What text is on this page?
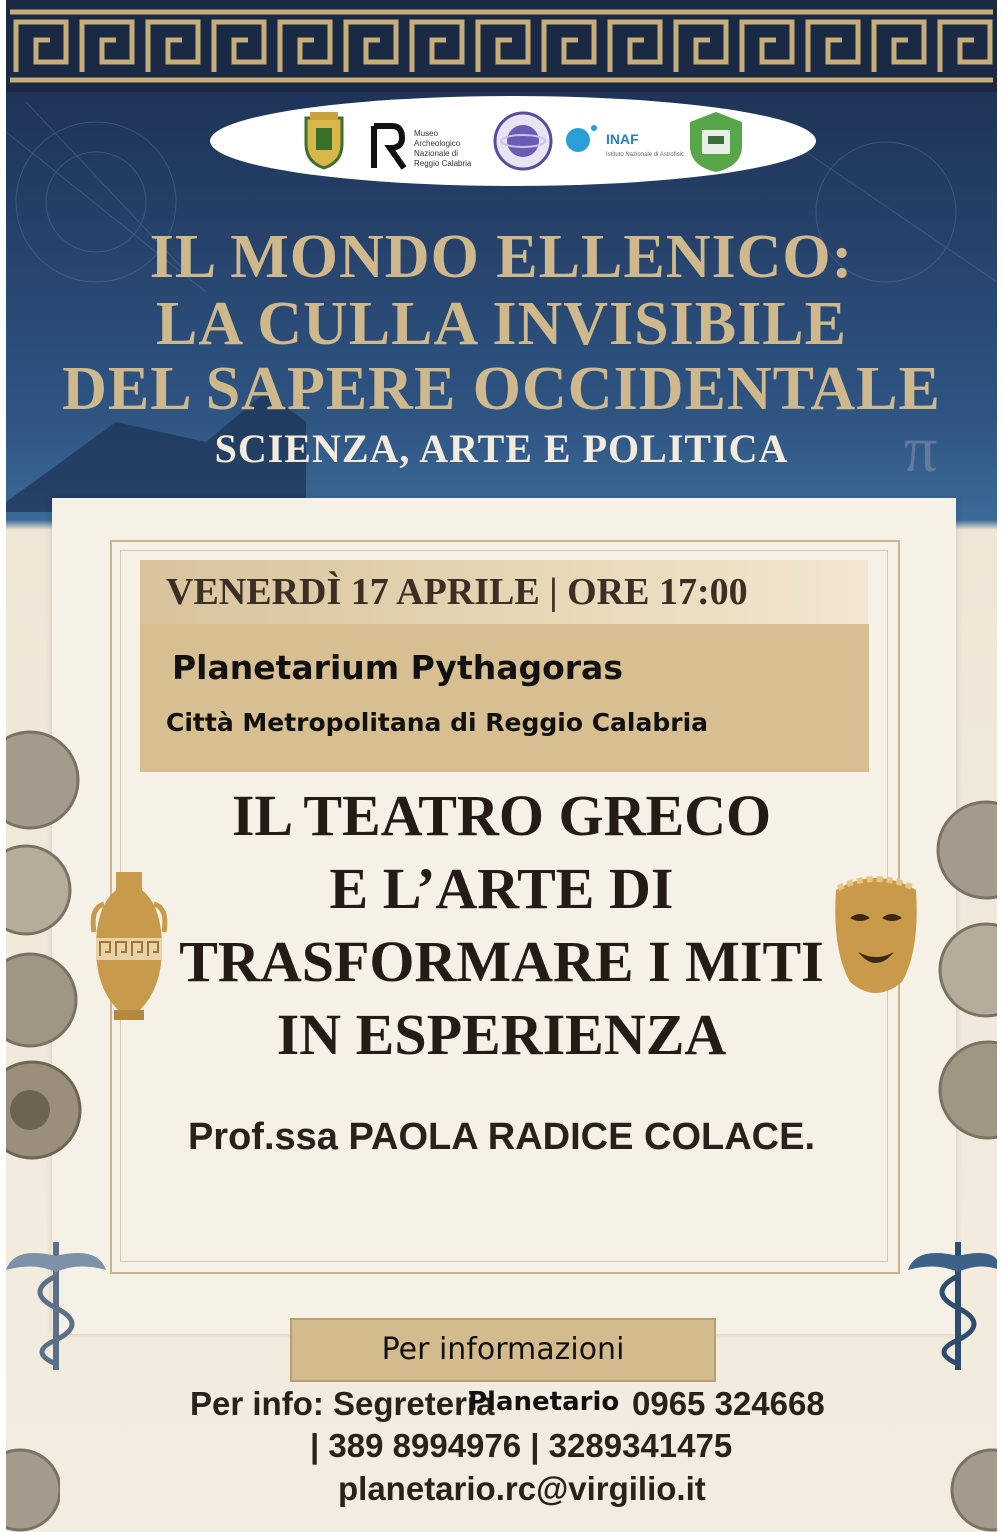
Museo
Archeologico
Nazionale di
Reggio Calabria
INAF
Istituto Nazionale di Astrofisica
IL MONDO ELLENICO:
LA CULLA INVISIBILE
DEL SAPERE OCCIDENTALE
SCIENZA, ARTE E POLITICA	π
VENERDÌ 17 APRILE | ORE 17:00
Planetarium Pythagoras
Città Metropolitana di Reggio Calabria
IL TEATRO GRECO
E L’ARTE DI
TRASFORMARE I MITI
IN ESPERIENZA
Prof.ssa PAOLA RADICE COLACE.
Per informazioni
Per info: Segreteria
Planetario 0965 324668
| 389 8994976 | 3289341475
planetario.rc@virgilio.it
